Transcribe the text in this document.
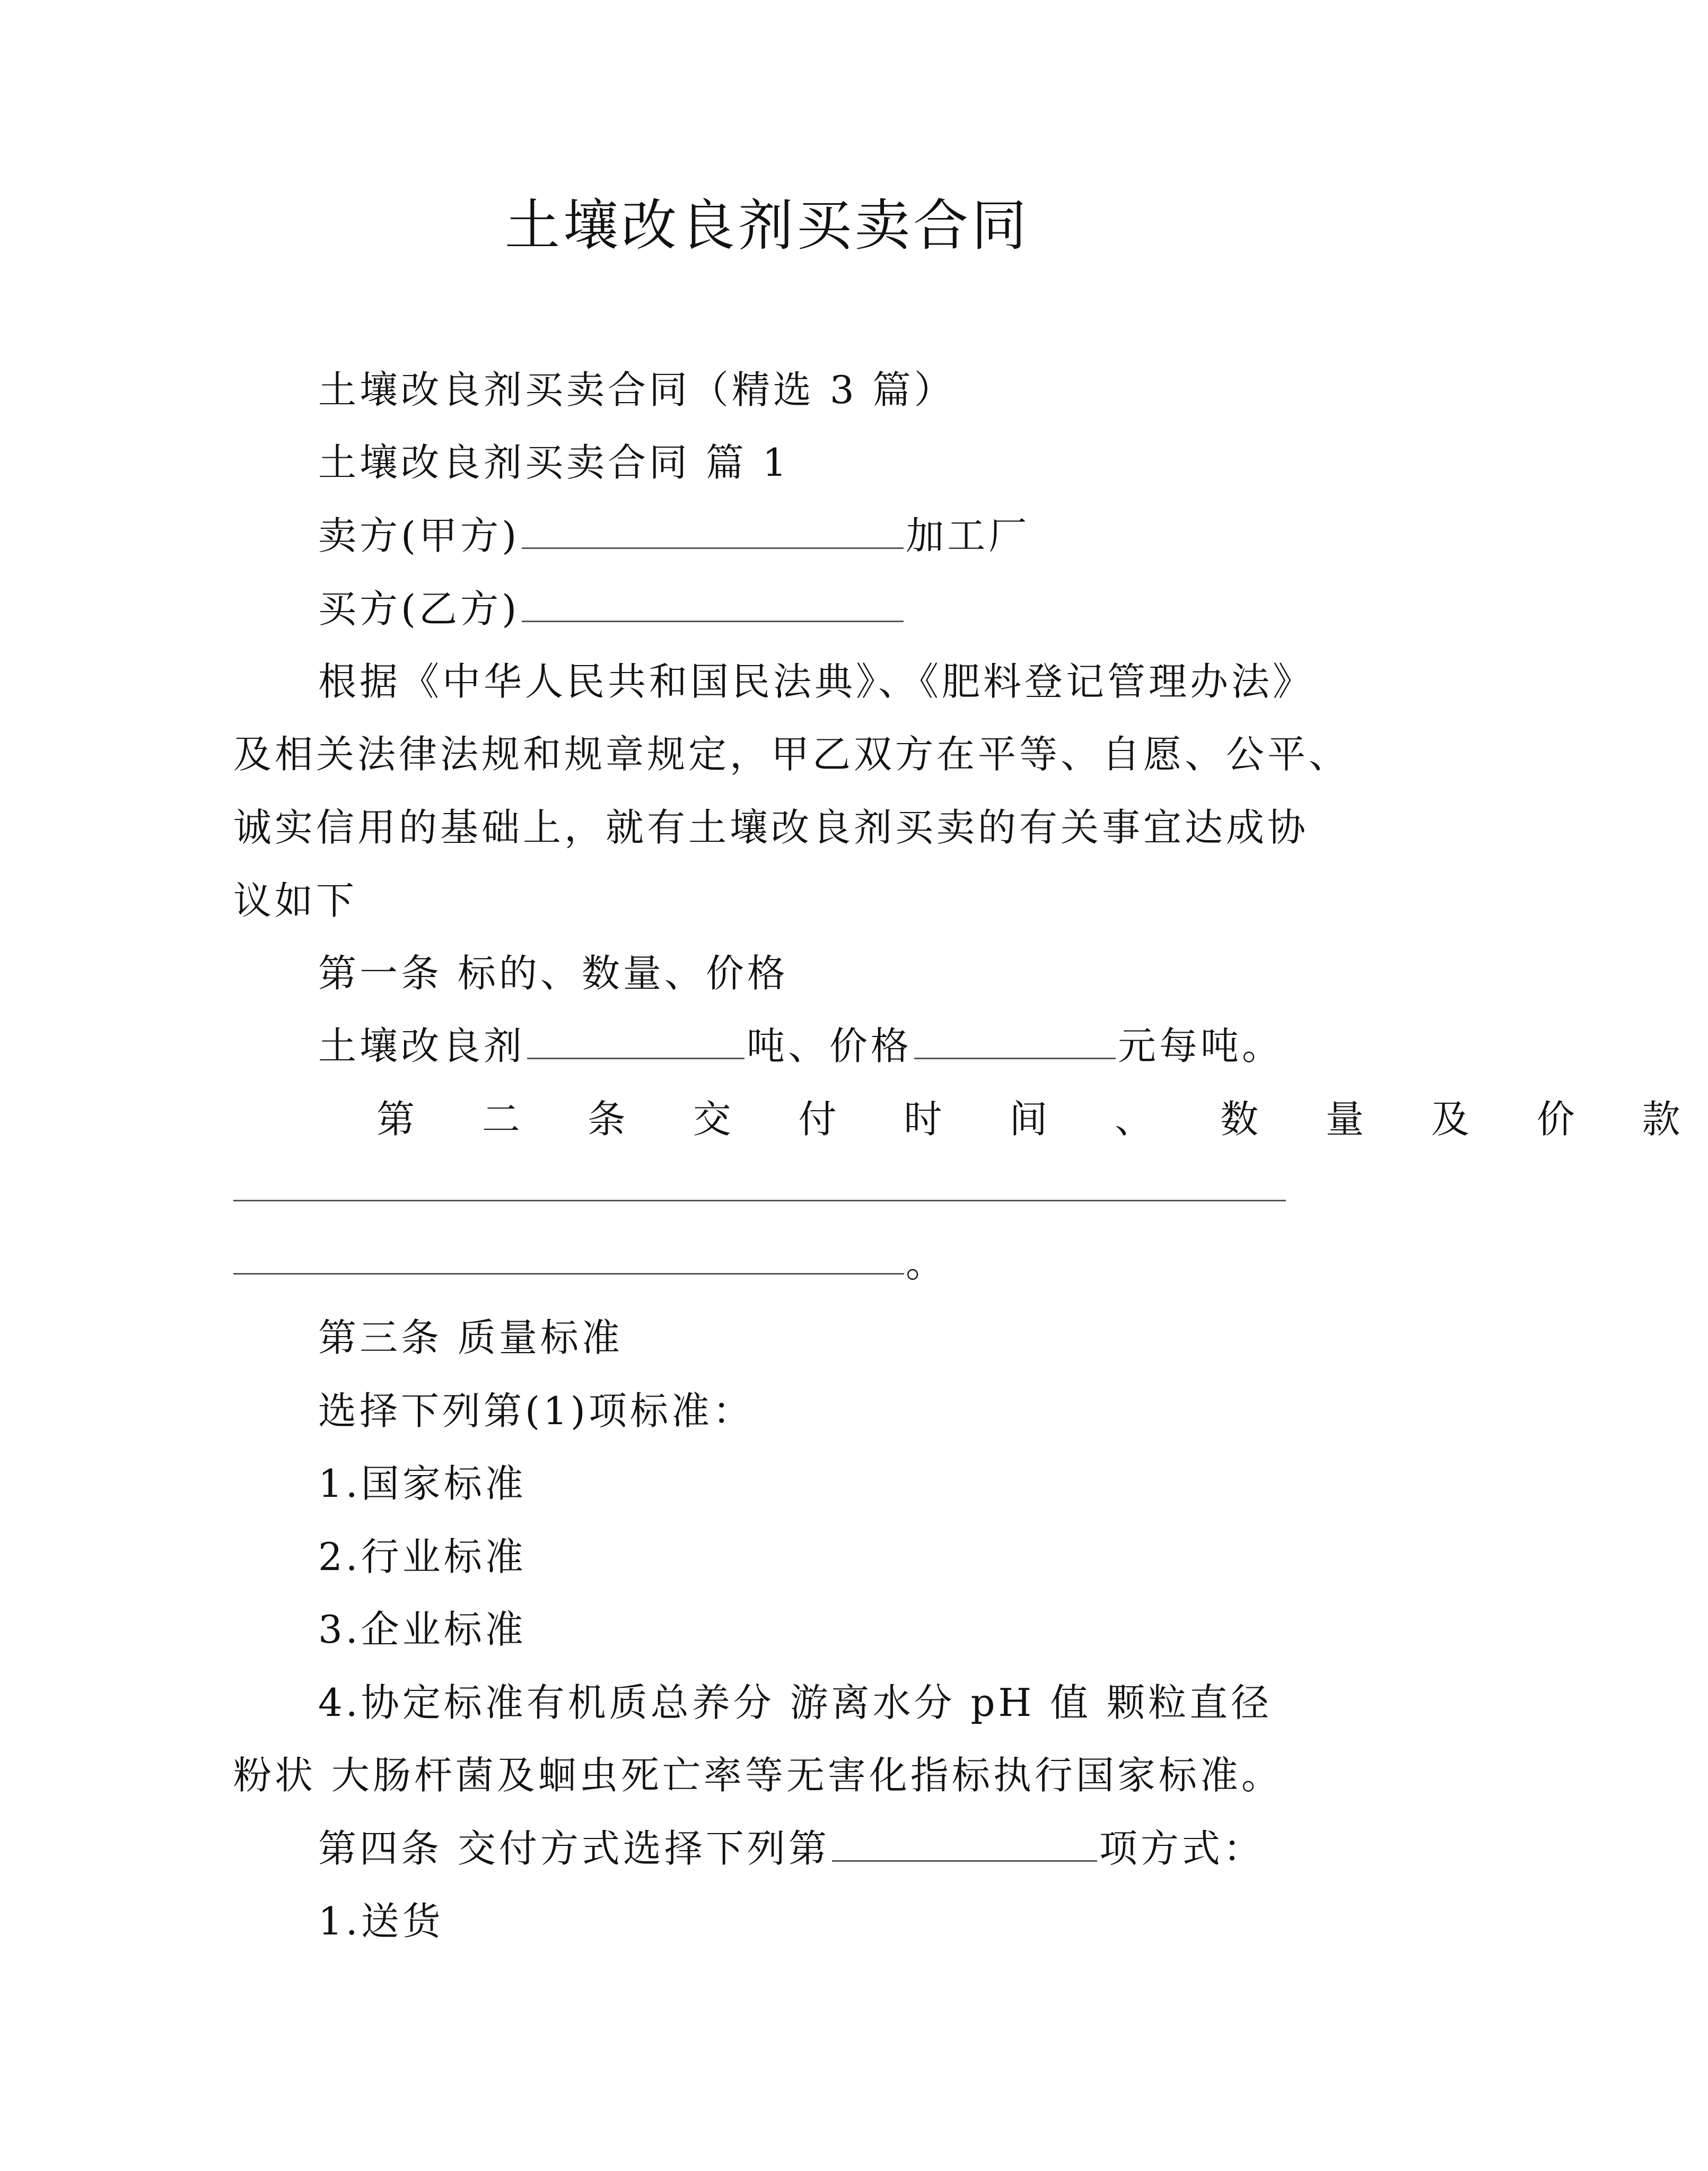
土壤改良剂买卖合同
土壤改良剂买卖合同（精选 3 篇）
土壤改良剂买卖合同 篇 1
卖方(甲方)	加工厂
买方(乙方)
根据《中华人民共和国民法典》、《肥料登记管理办法》
及相关法律法规和规章规定，甲乙双方在平等、自愿、公平、
诚实信用的基础上，就有土壤改良剂买卖的有关事宜达成协
议如下
第一条 标的、数量、价格
土壤改良剂	吨、价格	元每吨。
第 二 条 交 付 时 间 、 数 量 及 价 款
。
第三条 质量标准
选择下列第(1)项标准：
1.国家标准
2.行业标准
3.企业标准
4.协定标准有机质总养分 游离水分 pH 值 颗粒直径
粉状 大肠杆菌及蛔虫死亡率等无害化指标执行国家标准。
第四条 交付方式选择下列第	项方式：
1.送货
